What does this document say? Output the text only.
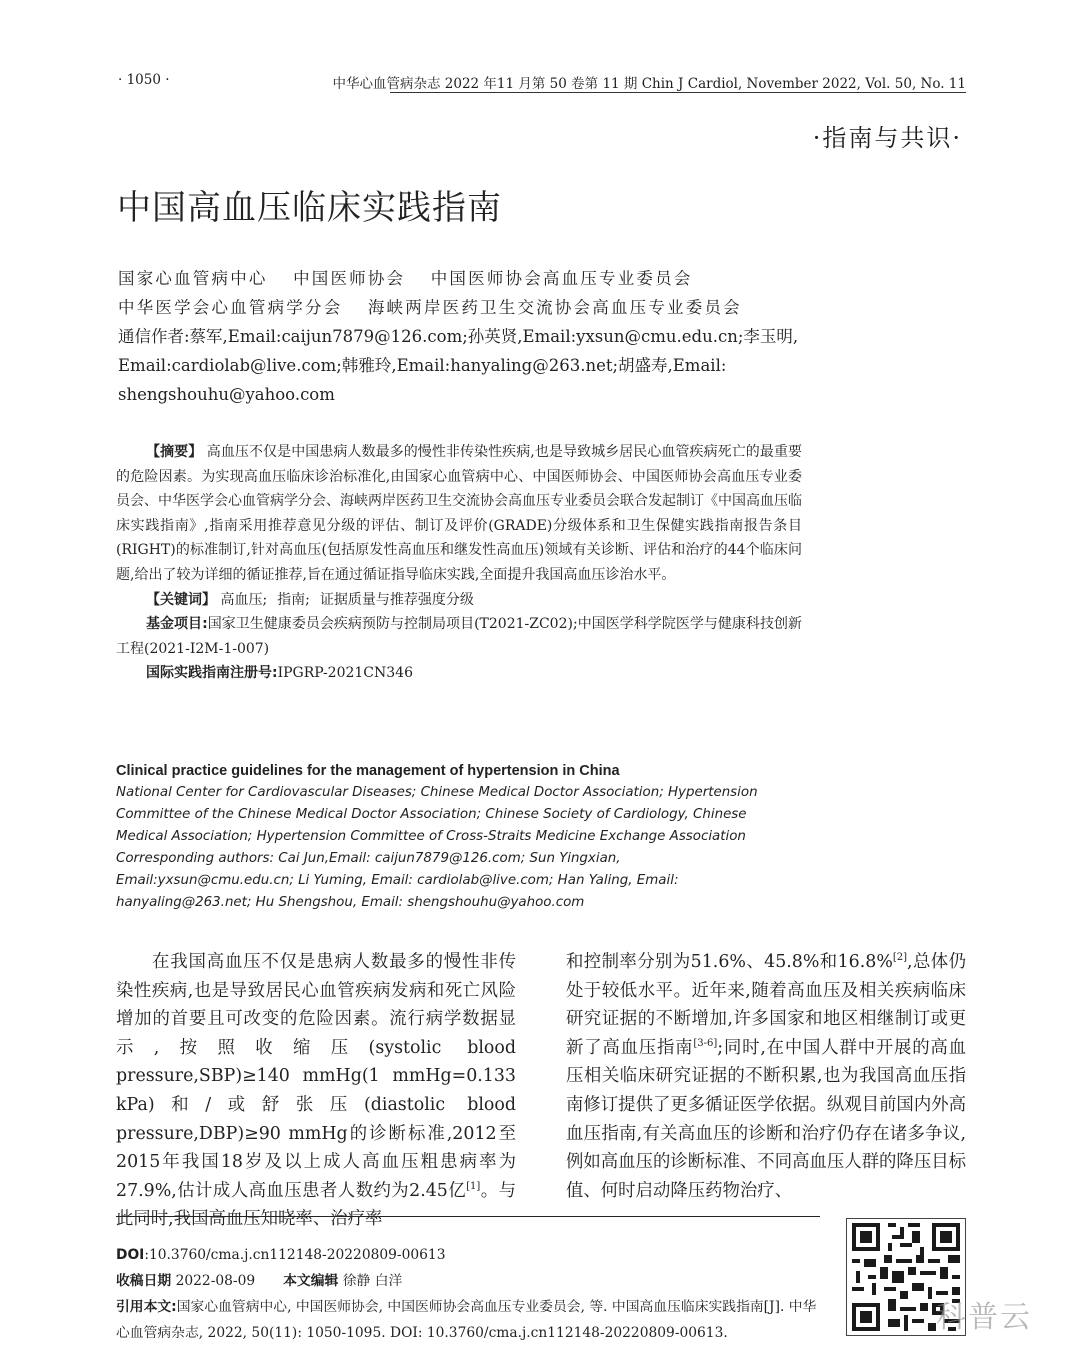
· 1050 ·	中华心血管病杂志 2022 年11 月第 50 卷第 11 期 Chin J Cardiol, November 2022, Vol. 50, No. 11
·指南与共识·
中国高血压临床实践指南
国家心血管病中心 中国医师协会 中国医师协会高血压专业委员会
中华医学会心血管病学分会 海峡两岸医药卫生交流协会高血压专业委员会
通信作者:蔡军,Email:caijun7879@126.com;孙英贤,Email:yxsun@cmu.edu.cn;李玉明,
Email:cardiolab@live.com;韩雅玲,Email:hanyaling@263.net;胡盛寿,Email:
shengshouhu@yahoo.com

【摘要】 高血压不仅是中国患病人数最多的慢性非传染性疾病,也是导致城乡居民心血管疾病死亡的最重要的危险因素。为实现高血压临床诊治标准化,由国家心血管病中心、中国医师协会、中国医师协会高血压专业委员会、中华医学会心血管病学分会、海峡两岸医药卫生交流协会高血压专业委员会联合发起制订《中国高血压临床实践指南》,指南采用推荐意见分级的评估、制订及评价(GRADE)分级体系和卫生保健实践指南报告条目(RIGHT)的标准制订,针对高血压(包括原发性高血压和继发性高血压)领域有关诊断、评估和治疗的44个临床问题,给出了较为详细的循证推荐,旨在通过循证指导临床实践,全面提升我国高血压诊治水平。

【关键词】 高血压; 指南; 证据质量与推荐强度分级

基金项目:国家卫生健康委员会疾病预防与控制局项目(T2021-ZC02);中国医学科学院医学与健康科技创新工程(2021-I2M-1-007)

国际实践指南注册号:IPGRP-2021CN346

Clinical practice guidelines for the management of hypertension in China
National Center for Cardiovascular Diseases; Chinese Medical Doctor Association; Hypertension Committee of the Chinese Medical Doctor Association; Chinese Society of Cardiology, Chinese Medical Association; Hypertension Committee of Cross-Straits Medicine Exchange Association
Corresponding authors: Cai Jun,Email: caijun7879@126.com; Sun Yingxian, Email:yxsun@cmu.edu.cn; Li Yuming, Email: cardiolab@live.com; Han Yaling, Email: hanyaling@263.net; Hu Shengshou, Email: shengshouhu@yahoo.com

在我国高血压不仅是患病人数最多的慢性非传染性疾病,也是导致居民心血管疾病发病和死亡风险增加的首要且可改变的危险因素。流行病学数据显示,按照收缩压(systolic blood pressure,SBP)≥140 mmHg(1 mmHg=0.133 kPa)和/或舒张压(diastolic blood pressure,DBP)≥90 mmHg的诊断标准,2012至2015年我国18岁及以上成人高血压粗患病率为27.9%,估计成人高血压患者人数约为2.45亿[1]。与此同时,我国高血压知晓率、治疗率

和控制率分别为51.6%、45.8%和16.8%[2],总体仍处于较低水平。近年来,随着高血压及相关疾病临床研究证据的不断增加,许多国家和地区相继制订或更新了高血压指南[3-6];同时,在中国人群中开展的高血压相关临床研究证据的不断积累,也为我国高血压指南修订提供了更多循证医学依据。纵观目前国内外高血压指南,有关高血压的诊断和治疗仍存在诸多争议,例如高血压的诊断标准、不同高血压人群的降压目标值、何时启动降压药物治疗、

DOI:10.3760/cma.j.cn112148-20220809-00613
收稿日期 2022-08-09 本文编辑 徐静 白洋
引用本文:国家心血管病中心, 中国医师协会, 中国医师协会高血压专业委员会, 等. 中国高血压临床实践指南[J]. 中华心血管病杂志, 2022, 50(11): 1050-1095. DOI: 10.3760/cma.j.cn112148-20220809-00613.	科普云
